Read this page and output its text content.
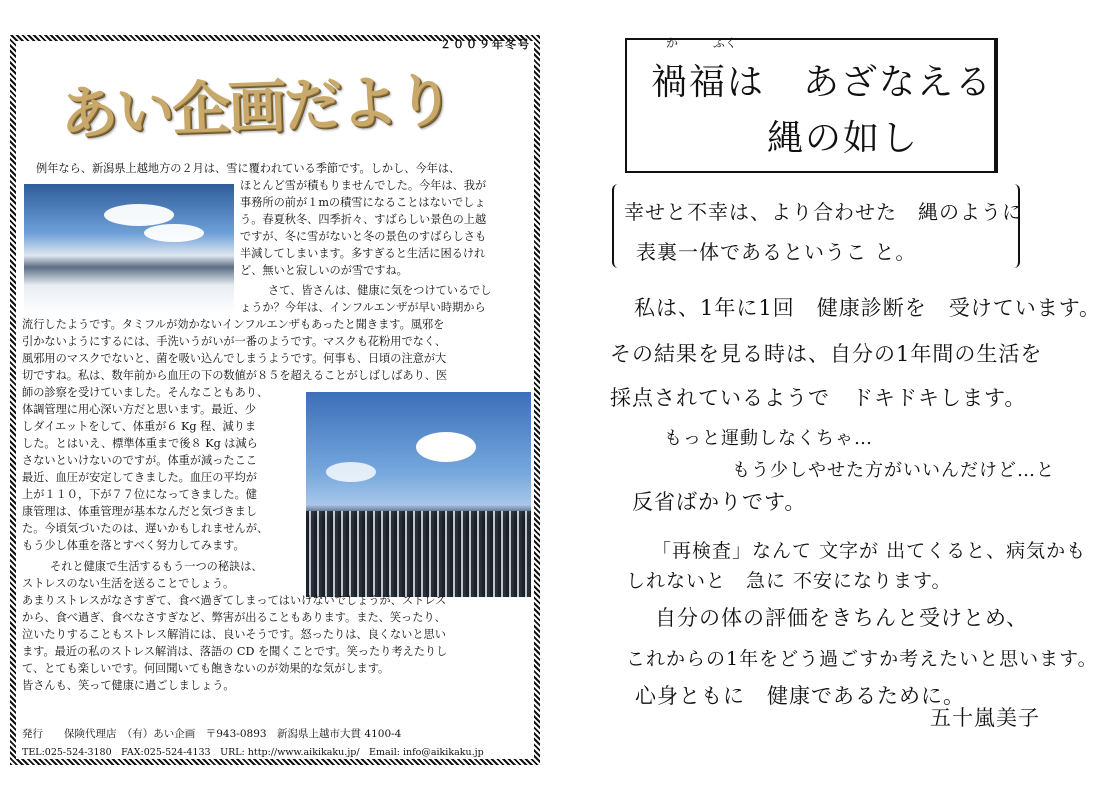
２００９年冬号
あい企画だより
例年なら、新潟県上越地方の２月は、雪に覆われている季節です。しかし、今年は、
ほとんど雪が積もりませんでした。今年は、我が
事務所の前が１mの積雪になることはないでしょ
う。春夏秋冬、四季折々、すばらしい景色の上越
ですが、冬に雪がないと冬の景色のすばらしさも
半減してしまいます。多すぎると生活に困るけれ
ど、無いと寂しいのが雪ですね。
さて、皆さんは、健康に気をつけているでし
ょうか？今年は、インフルエンザが早い時期から
流行したようです。タミフルが効かないインフルエンザもあったと聞きます。風邪を
引かないようにするには、手洗いうがいが一番のようです。マスクも花粉用でなく、
風邪用のマスクでないと、菌を吸い込んでしまうようです。何事も、日頃の注意が大
切ですね。私は、数年前から血圧の下の数値が８５を超えることがしばしばあり、医
師の診察を受けていました。そんなこともあり、
体調管理に用心深い方だと思います。最近、少
しダイエットをして、体重が６ Kg 程、減りま
した。とはいえ、標準体重まで後８ Kg は減ら
さないといけないのですが。体重が減ったここ
最近、血圧が安定してきました。血圧の平均が
上が１１０，下が７７位になってきました。健
康管理は、体重管理が基本なんだと気づきまし
た。今頃気づいたのは、遅いかもしれませんが、
もう少し体重を落とすべく努力してみます。
それと健康で生活するもう一つの秘訣は、
ストレスのない生活を送ることでしょう。
あまりストレスがなさすぎて、食べ過ぎてしまってはいけないでしょうが、ストレス
から、食べ過ぎ、食べなさすぎなど、弊害が出ることもあります。また、笑ったり、
泣いたりすることもストレス解消には、良いそうです。怒ったりは、良くないと思い
ます。最近の私のストレス解消は、落語の CD を聞くことです。笑ったり考えたりし
て、とても楽しいです。何回聞いても飽きないのが効果的な気がします。
皆さんも、笑って健康に過ごしましょう。
発行　　保険代理店　（有）あい企画　〒943-0893　新潟県上越市大貫 4100-4
TEL:025-524-3180　FAX:025-524-4133　URL: http://www.aikikaku.jp/　Email: info@aikikaku.jp
か	ふく
禍福は　あざなえる
縄の如し
幸せと不幸は、より合わせた　縄のように
表裏一体であるというこ と。
私は、1年に1回　健康診断を　受けています。
その結果を見る時は、自分の1年間の生活を
採点されているようで　ドキドキします。
もっと運動しなくちゃ…
もう少しやせた方がいいんだけど…と
反省ばかりです。
「再検査」なんて 文字が 出てくると、病気かも
しれないと　急に 不安になります。
自分の体の評価をきちんと受けとめ、
これからの1年をどう過ごすか考えたいと思います。
心身ともに　健康であるために。
五十嵐美子
